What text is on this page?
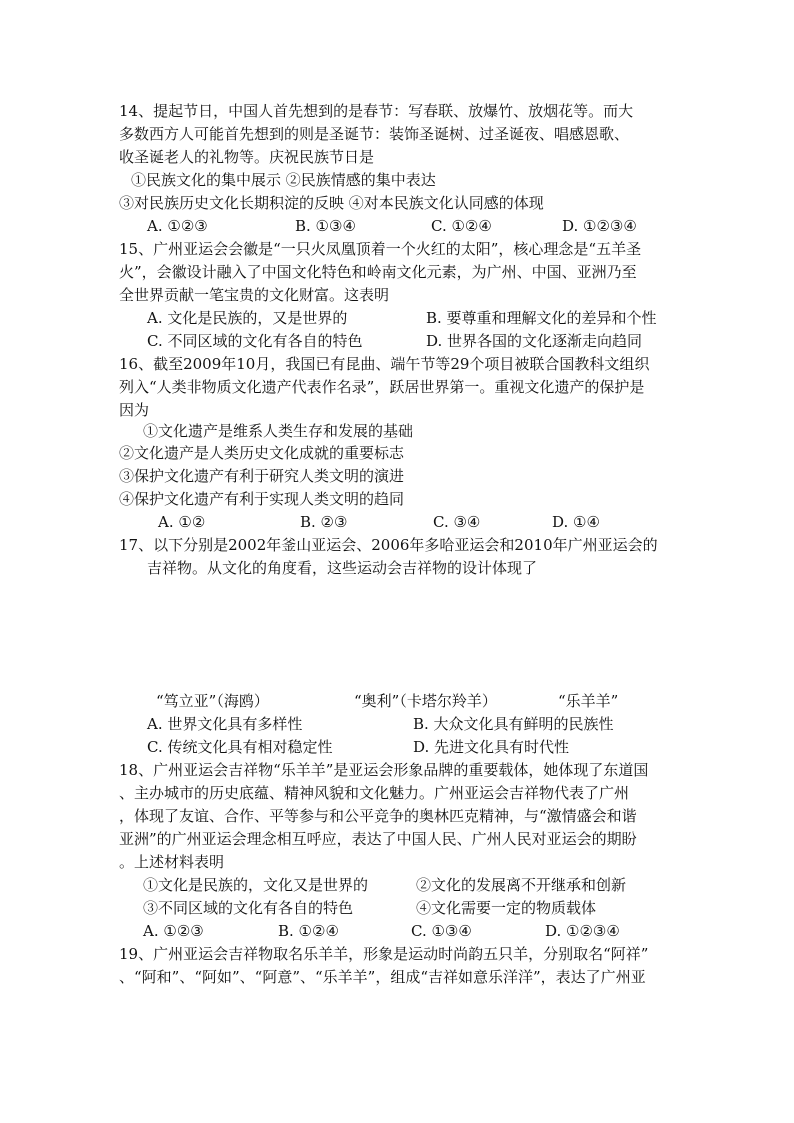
14、提起节日，中国人首先想到的是春节：写春联、放爆竹、放烟花等。而大
多数西方人可能首先想到的则是圣诞节：装饰圣诞树、过圣诞夜、唱感恩歌、
收圣诞老人的礼物等。庆祝民族节日是
①民族文化的集中展示 ②民族情感的集中表达
③对民族历史文化长期积淀的反映 ④对本民族文化认同感的体现
A. ①②③	B. ①③④	C. ①②④	D. ①②③④
15、广州亚运会会徽是“一只火凤凰顶着一个火红的太阳”，核心理念是“五羊圣
火”，会徽设计融入了中国文化特色和岭南文化元素，为广州、中国、亚洲乃至
全世界贡献一笔宝贵的文化财富。这表明
A. 文化是民族的，又是世界的	B. 要尊重和理解文化的差异和个性
C. 不同区域的文化有各自的特色	D. 世界各国的文化逐渐走向趋同
16、截至2009年10月，我国已有昆曲、端午节等29个项目被联合国教科文组织
列入“人类非物质文化遗产代表作名录”，跃居世界第一。重视文化遗产的保护是
因为
①文化遗产是维系人类生存和发展的基础
②文化遗产是人类历史文化成就的重要标志
③保护文化遗产有利于研究人类文明的演进
④保护文化遗产有利于实现人类文明的趋同
A. ①②	B. ②③	C. ③④	D. ①④
17、以下分别是2002年釜山亚运会、2006年多哈亚运会和2010年广州亚运会的
吉祥物。从文化的角度看，这些运动会吉祥物的设计体现了
“笃立亚”（海鸥）	“奥利”（卡塔尔羚羊）	“乐羊羊”
A. 世界文化具有多样性	B. 大众文化具有鲜明的民族性
C. 传统文化具有相对稳定性	D. 先进文化具有时代性
18、广州亚运会吉祥物“乐羊羊”是亚运会形象品牌的重要载体，她体现了东道国
、主办城市的历史底蕴、精神风貌和文化魅力。广州亚运会吉祥物代表了广州
，体现了友谊、合作、平等参与和公平竞争的奥林匹克精神，与“激情盛会和谐
亚洲”的广州亚运会理念相互呼应，表达了中国人民、广州人民对亚运会的期盼
。上述材料表明
①文化是民族的，文化又是世界的	②文化的发展离不开继承和创新
③不同区域的文化有各自的特色	④文化需要一定的物质载体
A. ①②③	B. ①②④	C. ①③④	D. ①②③④
19、广州亚运会吉祥物取名乐羊羊，形象是运动时尚韵五只羊，分别取名“阿祥”
、“阿和”、“阿如”、“阿意”、“乐羊羊”，组成“吉祥如意乐洋洋”，表达了广州亚
